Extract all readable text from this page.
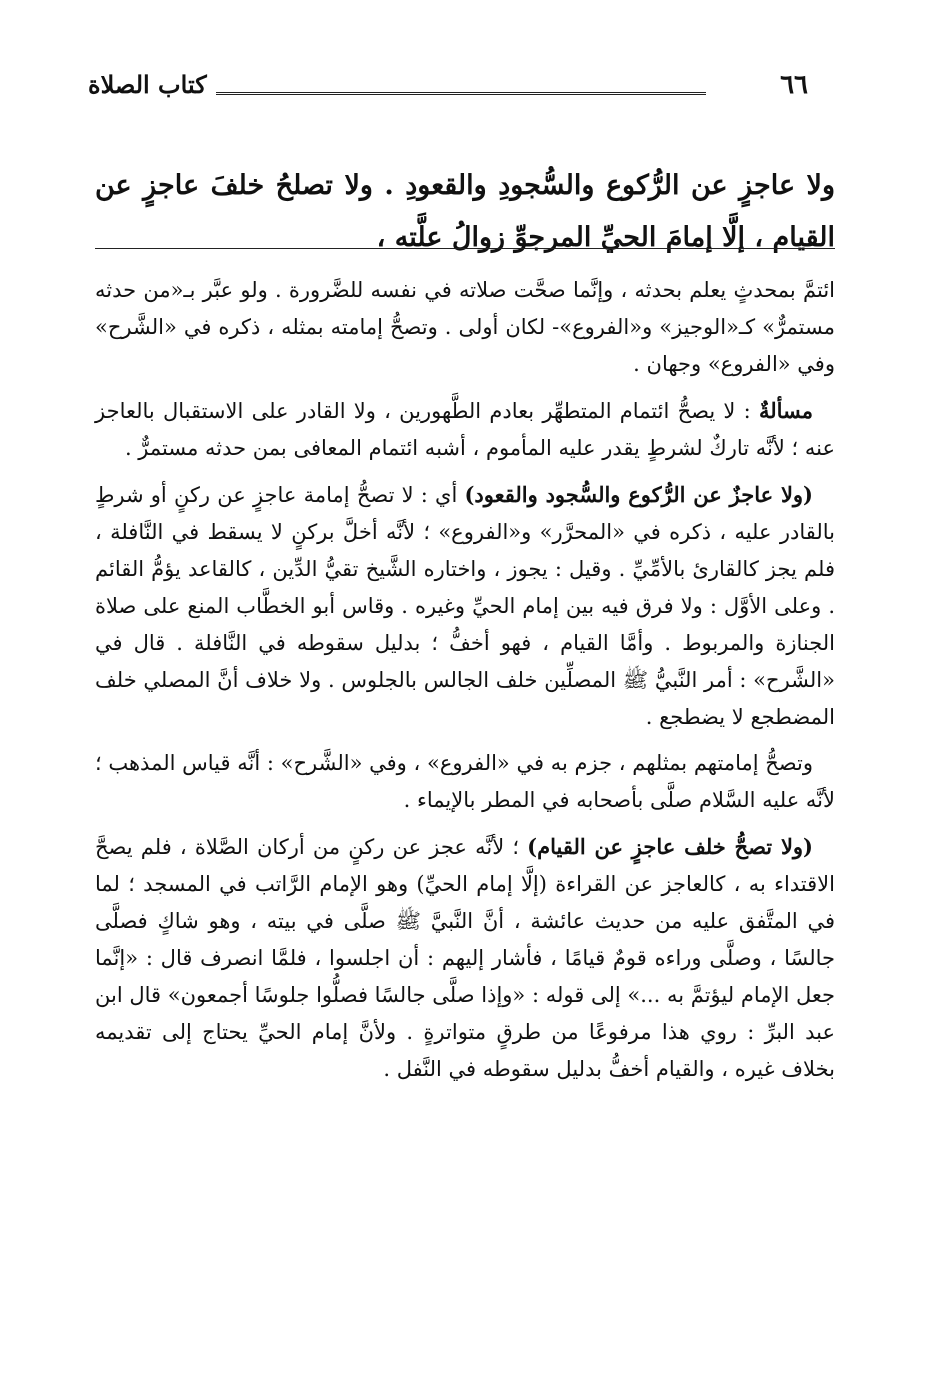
٦٦
كتاب الصلاة
ولا عاجزٍ عن الرُّكوع والسُّجودِ والقعودِ . ولا تصلحُ خلفَ عاجزٍ عن القيام ، إلَّا إمامَ الحيِّ المرجوِّ زوالُ علَّته ،

ائتمَّ بمحدثٍ يعلم بحدثه ، وإنَّما صحَّت صلاته في نفسه للضَّرورة . ولو عبَّر بـ«من حدثه مستمرٌّ» كـ«الوجيز» و«الفروع»- لكان أولى . وتصحُّ إمامته بمثله ، ذكره في «الشَّرح» وفي «الفروع» وجهان .

مسألةٌ : لا يصحُّ ائتمام المتطهِّر بعادم الطَّهورين ، ولا القادر على الاستقبال بالعاجز عنه ؛ لأنَّه تاركٌ لشرطٍ يقدر عليه المأموم ، أشبه ائتمام المعافى بمن حدثه مستمرٌّ .

(ولا عاجزٌ عن الرُّكوع والسُّجود والقعود) أي : لا تصحُّ إمامة عاجزٍ عن ركنٍ أو شرطٍ بالقادر عليه ، ذكره في «المحرَّر» و«الفروع» ؛ لأنَّه أخلَّ بركنٍ لا يسقط في النَّافلة ، فلم يجز كالقارئ بالأمِّيِّ . وقيل : يجوز ، واختاره الشَّيخ تقيُّ الدِّين ، كالقاعد يؤمُّ القائم . وعلى الأوَّل : ولا فرق فيه بين إمام الحيِّ وغيره . وقاس أبو الخطَّاب المنع على صلاة الجنازة والمربوط . وأمَّا القيام ، فهو أخفُّ ؛ بدليل سقوطه في النَّافلة . قال في «الشَّرح» : أمر النَّبيُّ ﷺ المصلِّين خلف الجالس بالجلوس . ولا خلاف أنَّ المصلي خلف المضطجع لا يضطجع .

وتصحُّ إمامتهم بمثلهم ، جزم به في «الفروع» ، وفي «الشَّرح» : أنَّه قياس المذهب ؛ لأنَّه عليه السَّلام صلَّى بأصحابه في المطر بالإيماء .

(ولا تصحُّ خلف عاجزٍ عن القيام) ؛ لأنَّه عجز عن ركنٍ من أركان الصَّلاة ، فلم يصحَّ الاقتداء به ، كالعاجز عن القراءة (إلَّا إمام الحيِّ) وهو الإمام الرَّاتب في المسجد ؛ لما في المتَّفق عليه من حديث عائشة ، أنَّ النَّبيَّ ﷺ صلَّى في بيته ، وهو شاكٍ فصلَّى جالسًا ، وصلَّى وراءه قومٌ قيامًا ، فأشار إليهم : أن اجلسوا ، فلمَّا انصرف قال : «إنَّما جعل الإمام ليؤتمَّ به ...» إلى قوله : «وإذا صلَّى جالسًا فصلُّوا جلوسًا أجمعون» قال ابن عبد البرِّ : روي هذا مرفوعًا من طرقٍ متواترةٍ . ولأنَّ إمام الحيِّ يحتاج إلى تقديمه بخلاف غيره ، والقيام أخفُّ بدليل سقوطه في النَّفل .
